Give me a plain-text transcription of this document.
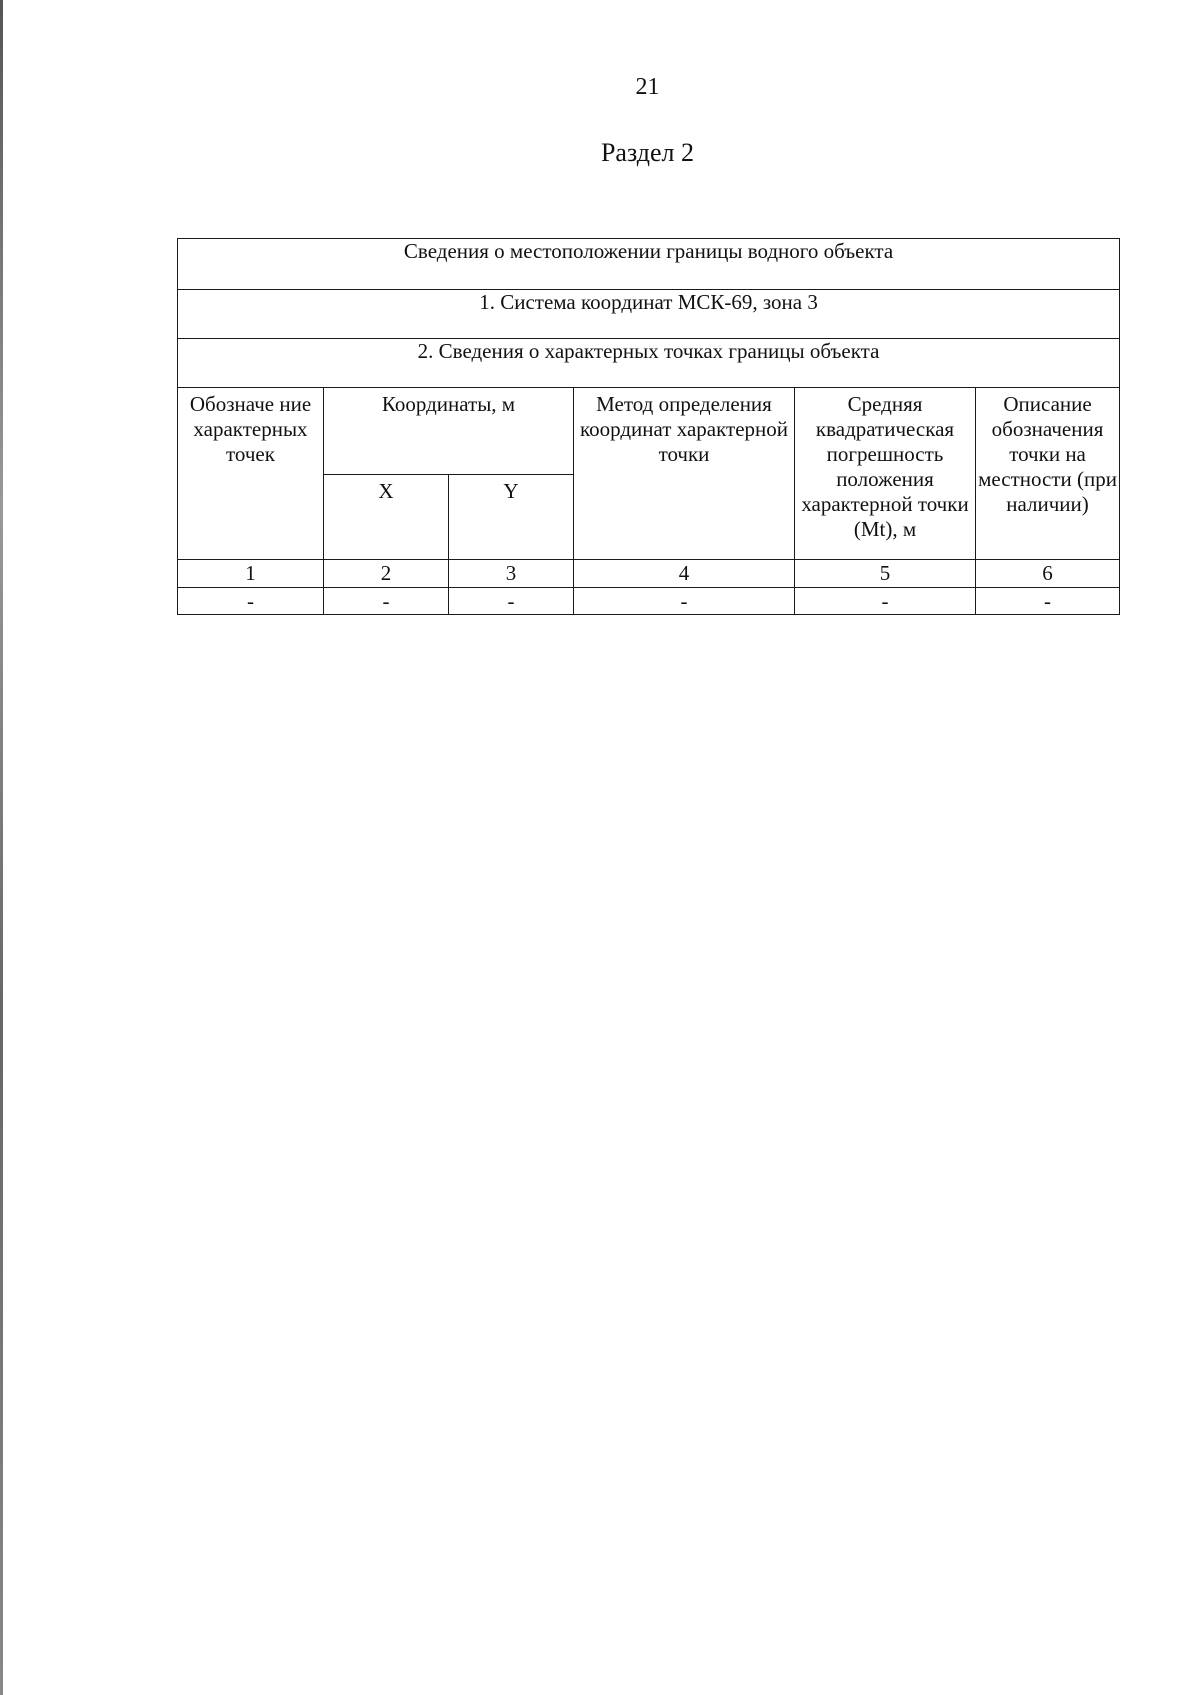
21
Раздел 2
Сведения о местоположении границы водного объекта					
1. Система координат МСК-69, зона 3					
2. Сведения о характерных точках границы объекта					
Обозначе ние характерных точек	Координаты, м		Метод определения координат характерной точки	Средняя квадратическая погрешность положения характерной точки (Mt), м	Описание обозначения точки на местности (при наличии)
	X	Y			
1	2	3	4	5	6
-	-	-	-	-	-
